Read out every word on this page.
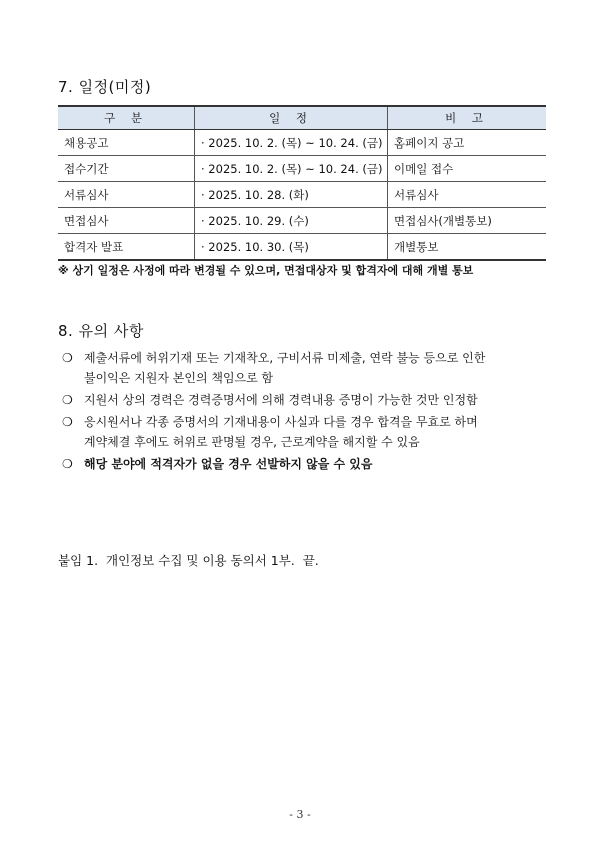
7. 일정(미정)
구 분	일 정	비 고
채용공고	· 2025. 10. 2. (목) ~ 10. 24. (금)	홈페이지 공고
접수기간	· 2025. 10. 2. (목) ~ 10. 24. (금)	이메일 접수
서류심사	· 2025. 10. 28. (화)	서류심사
면접심사	· 2025. 10. 29. (수)	면접심사(개별통보)
합격자 발표	· 2025. 10. 30. (목)	개별통보
※ 상기 일정은 사정에 따라 변경될 수 있으며, 면접대상자 및 합격자에 대해 개별 통보
8. 유의 사항
❍ 제출서류에 허위기재 또는 기재착오, 구비서류 미제출, 연락 불능 등으로 인한
불이익은 지원자 본인의 책임으로 함
❍ 지원서 상의 경력은 경력증명서에 의해 경력내용 증명이 가능한 것만 인정함
❍ 응시원서나 각종 증명서의 기재내용이 사실과 다를 경우 합격을 무효로 하며
계약체결 후에도 허위로 판명될 경우, 근로계약을 해지할 수 있음
❍ 해당 분야에 적격자가 없을 경우 선발하지 않을 수 있음
붙임 1.  개인정보 수집 및 이용 동의서 1부.  끝.
- 3 -
